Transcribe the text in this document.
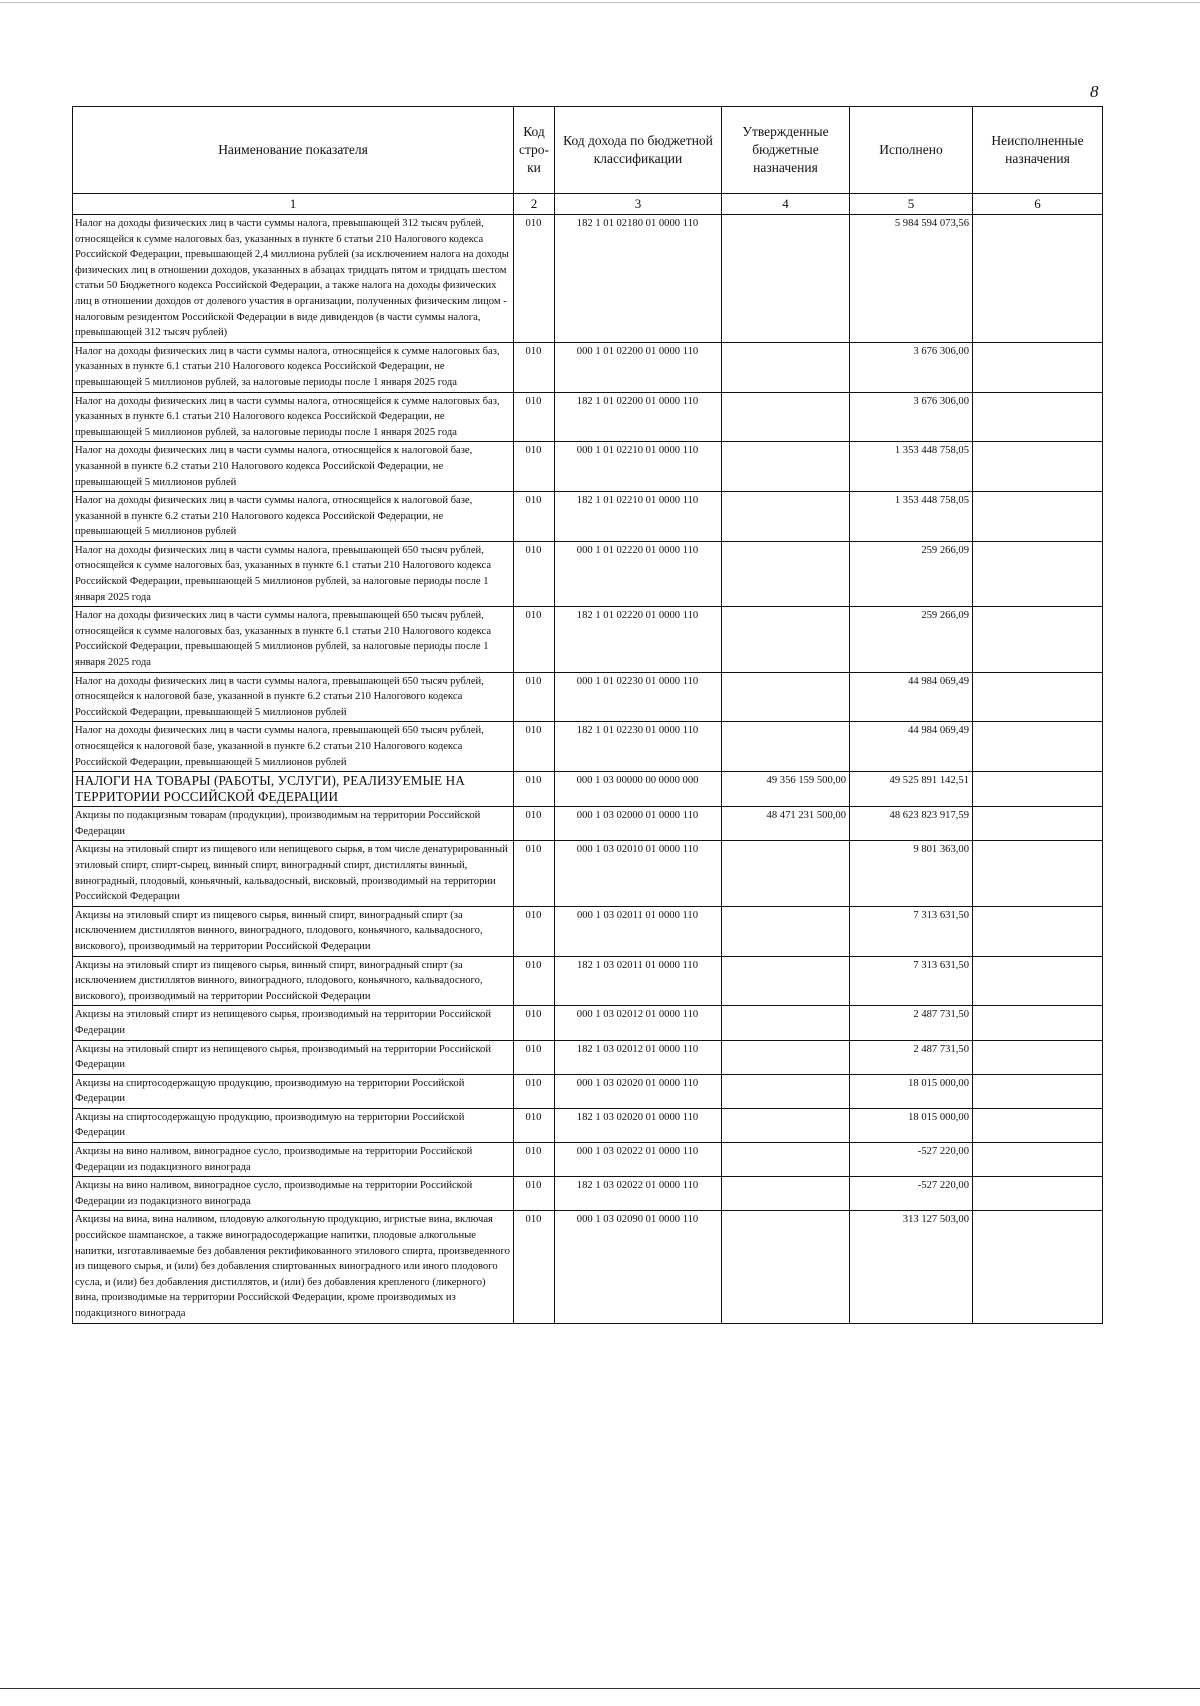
8
Наименование показателя	Код стро-ки	Код дохода по бюджетной классификации	Утвержденные бюджетные назначения	Исполнено	Неисполненные назначения
1	2	3	4	5	6
Налог на доходы физических лиц в части суммы налога, превышающей 312 тысяч рублей, относящейся к сумме налоговых баз, указанных в пункте 6 статьи 210 Налогового кодекса Российской Федерации, превышающей 2,4 миллиона рублей (за исключением налога на доходы физических лиц в отношении доходов, указанных в абзацах тридцать пятом и тридцать шестом статьи 50 Бюджетного кодекса Российской Федерации, а также налога на доходы физических лиц в отношении доходов от долевого участия в организации, полученных физическим лицом - налоговым резидентом Российской Федерации в виде дивидендов (в части суммы налога, превышающей 312 тысяч рублей)	010	182 1 01 02180 01 0000 110		5 984 594 073,56	
Налог на доходы физических лиц в части суммы налога, относящейся к сумме налоговых баз, указанных в пункте 6.1 статьи 210 Налогового кодекса Российской Федерации, не превышающей 5 миллионов рублей, за налоговые периоды после 1 января 2025 года	010	000 1 01 02200 01 0000 110		3 676 306,00	
Налог на доходы физических лиц в части суммы налога, относящейся к сумме налоговых баз, указанных в пункте 6.1 статьи 210 Налогового кодекса Российской Федерации, не превышающей 5 миллионов рублей, за налоговые периоды после 1 января 2025 года	010	182 1 01 02200 01 0000 110		3 676 306,00	
Налог на доходы физических лиц в части суммы налога, относящейся к налоговой базе, указанной в пункте 6.2 статьи 210 Налогового кодекса Российской Федерации, не превышающей 5 миллионов рублей	010	000 1 01 02210 01 0000 110		1 353 448 758,05	
Налог на доходы физических лиц в части суммы налога, относящейся к налоговой базе, указанной в пункте 6.2 статьи 210 Налогового кодекса Российской Федерации, не превышающей 5 миллионов рублей	010	182 1 01 02210 01 0000 110		1 353 448 758,05	
Налог на доходы физических лиц в части суммы налога, превышающей 650 тысяч рублей, относящейся к сумме налоговых баз, указанных в пункте 6.1 статьи 210 Налогового кодекса Российской Федерации, превышающей 5 миллионов рублей, за налоговые периоды после 1 января 2025 года	010	000 1 01 02220 01 0000 110		259 266,09	
Налог на доходы физических лиц в части суммы налога, превышающей 650 тысяч рублей, относящейся к сумме налоговых баз, указанных в пункте 6.1 статьи 210 Налогового кодекса Российской Федерации, превышающей 5 миллионов рублей, за налоговые периоды после 1 января 2025 года	010	182 1 01 02220 01 0000 110		259 266,09	
Налог на доходы физических лиц в части суммы налога, превышающей 650 тысяч рублей, относящейся к налоговой базе, указанной в пункте 6.2 статьи 210 Налогового кодекса Российской Федерации, превышающей 5 миллионов рублей	010	000 1 01 02230 01 0000 110		44 984 069,49	
Налог на доходы физических лиц в части суммы налога, превышающей 650 тысяч рублей, относящейся к налоговой базе, указанной в пункте 6.2 статьи 210 Налогового кодекса Российской Федерации, превышающей 5 миллионов рублей	010	182 1 01 02230 01 0000 110		44 984 069,49	
НАЛОГИ НА ТОВАРЫ (РАБОТЫ, УСЛУГИ), РЕАЛИЗУЕМЫЕ НА ТЕРРИТОРИИ РОССИЙСКОЙ ФЕДЕРАЦИИ	010	000 1 03 00000 00 0000 000	49 356 159 500,00	49 525 891 142,51	
Акцизы по подакцизным товарам (продукции), производимым на территории Российской Федерации	010	000 1 03 02000 01 0000 110	48 471 231 500,00	48 623 823 917,59	
Акцизы на этиловый спирт из пищевого или непищевого сырья, в том числе денатурированный этиловый спирт, спирт-сырец, винный спирт, виноградный спирт, дистилляты винный, виноградный, плодовый, коньячный, кальвадосный, висковый, производимый на территории Российской Федерации	010	000 1 03 02010 01 0000 110		9 801 363,00	
Акцизы на этиловый спирт из пищевого сырья, винный спирт, виноградный спирт (за исключением дистиллятов винного, виноградного, плодового, коньячного, кальвадосного, вискового), производимый на территории Российской Федерации	010	000 1 03 02011 01 0000 110		7 313 631,50	
Акцизы на этиловый спирт из пищевого сырья, винный спирт, виноградный спирт (за исключением дистиллятов винного, виноградного, плодового, коньячного, кальвадосного, вискового), производимый на территории Российской Федерации	010	182 1 03 02011 01 0000 110		7 313 631,50	
Акцизы на этиловый спирт из непищевого сырья, производимый на территории Российской Федерации	010	000 1 03 02012 01 0000 110		2 487 731,50	
Акцизы на этиловый спирт из непищевого сырья, производимый на территории Российской Федерации	010	182 1 03 02012 01 0000 110		2 487 731,50	
Акцизы на спиртосодержащую продукцию, производимую на территории Российской Федерации	010	000 1 03 02020 01 0000 110		18 015 000,00	
Акцизы на спиртосодержащую продукцию, производимую на территории Российской Федерации	010	182 1 03 02020 01 0000 110		18 015 000,00	
Акцизы на вино наливом, виноградное сусло, производимые на территории Российской Федерации из подакцизного винограда	010	000 1 03 02022 01 0000 110		-527 220,00	
Акцизы на вино наливом, виноградное сусло, производимые на территории Российской Федерации из подакцизного винограда	010	182 1 03 02022 01 0000 110		-527 220,00	
Акцизы на вина, вина наливом, плодовую алкогольную продукцию, игристые вина, включая российское шампанское, а также виноградосодержащие напитки, плодовые алкогольные напитки, изготавливаемые без добавления ректификованного этилового спирта, произведенного из пищевого сырья, и (или) без добавления спиртованных виноградного или иного плодового сусла, и (или) без добавления дистиллятов, и (или) без добавления крепленого (ликерного) вина, производимые на территории Российской Федерации, кроме производимых из подакцизного винограда	010	000 1 03 02090 01 0000 110		313 127 503,00	
